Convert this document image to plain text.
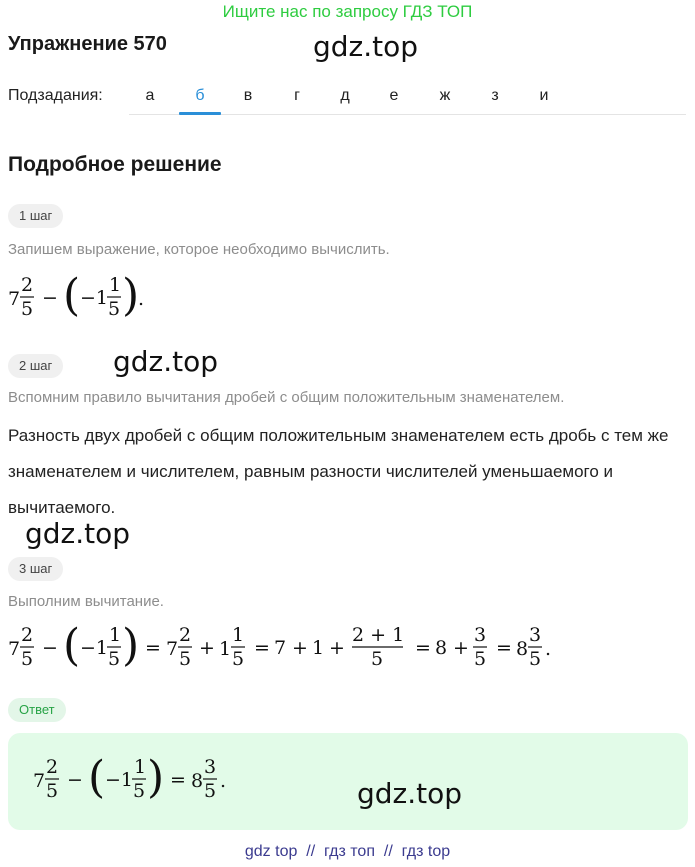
Ищите нас по запросу ГДЗ ТОП
Упражнение 570	gdz.top
Подзадания:	а	б	в	г	д	е	ж	з	и
Подробное решение
1 шаг
Запишем выражение, которое необходимо вычислить.
7
2
5 − ( −1
1
5 )
.
2 шаг	gdz.top
Вспомним правило вычитания дробей с общим положительным знаменателем.
Разность двух дробей с общим положительным знаменателем есть дробь с тем же знаменателем и числителем, равным разности числителей уменьшаемого и вычитаемого.
gdz.top
3 шаг
Выполним вычитание.
7
2
5 − ( −1
1
5 ) = 7
2
5 + 1
1
5 = 7 + 1 +
2 + 1
5 = 8 +
3
5 = 8
3
5 .
Ответ
7
2
5 − ( −1
1
5 ) = 8
3
5 .	gdz.top
gdz top  //  гдз топ  //  гдз top
